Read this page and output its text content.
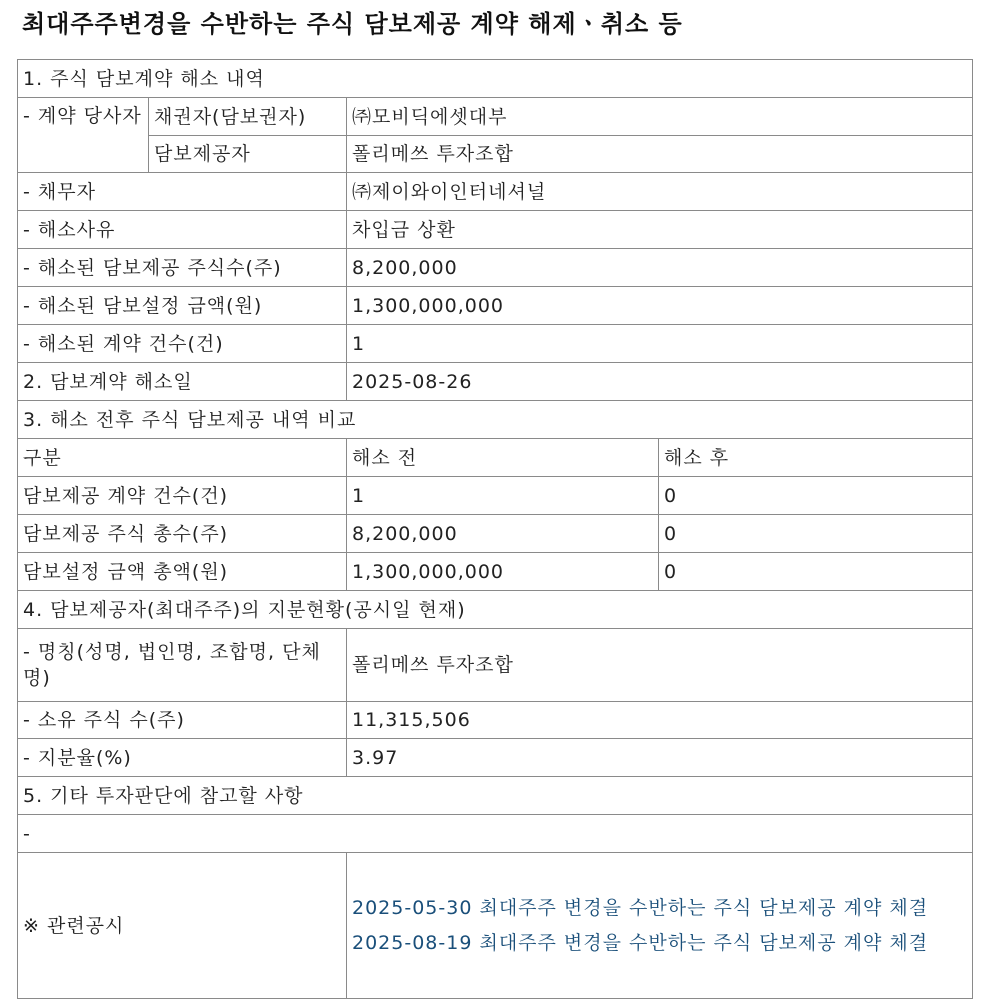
최대주주변경을 수반하는 주식 담보제공 계약 해제ㆍ취소 등
1. 주식 담보계약 해소 내역			
- 계약 당사자	채권자(담보권자)	㈜모비딕에셋대부	
	담보제공자	폴리메쓰 투자조합	
- 채무자		㈜제이와이인터네셔널	
- 해소사유		차입금 상환	
- 해소된 담보제공 주식수(주)		8,200,000	
- 해소된 담보설정 금액(원)		1,300,000,000	
- 해소된 계약 건수(건)		1	
2. 담보계약 해소일		2025-08-26	
3. 해소 전후 주식 담보제공 내역 비교			
구분		해소 전	해소 후
담보제공 계약 건수(건)		1	0
담보제공 주식 총수(주)		8,200,000	0
담보설정 금액 총액(원)		1,300,000,000	0
4. 담보제공자(최대주주)의 지분현황(공시일 현재)			
- 명칭(성명, 법인명, 조합명, 단체명)		폴리메쓰 투자조합	
- 소유 주식 수(주)		11,315,506	
- 지분율(%)		3.97	
5. 기타 투자판단에 참고할 사항			
-			
※ 관련공시		2025-05-30 최대주주 변경을 수반하는 주식 담보제공 계약 체결
2025-08-19 최대주주 변경을 수반하는 주식 담보제공 계약 체결	
